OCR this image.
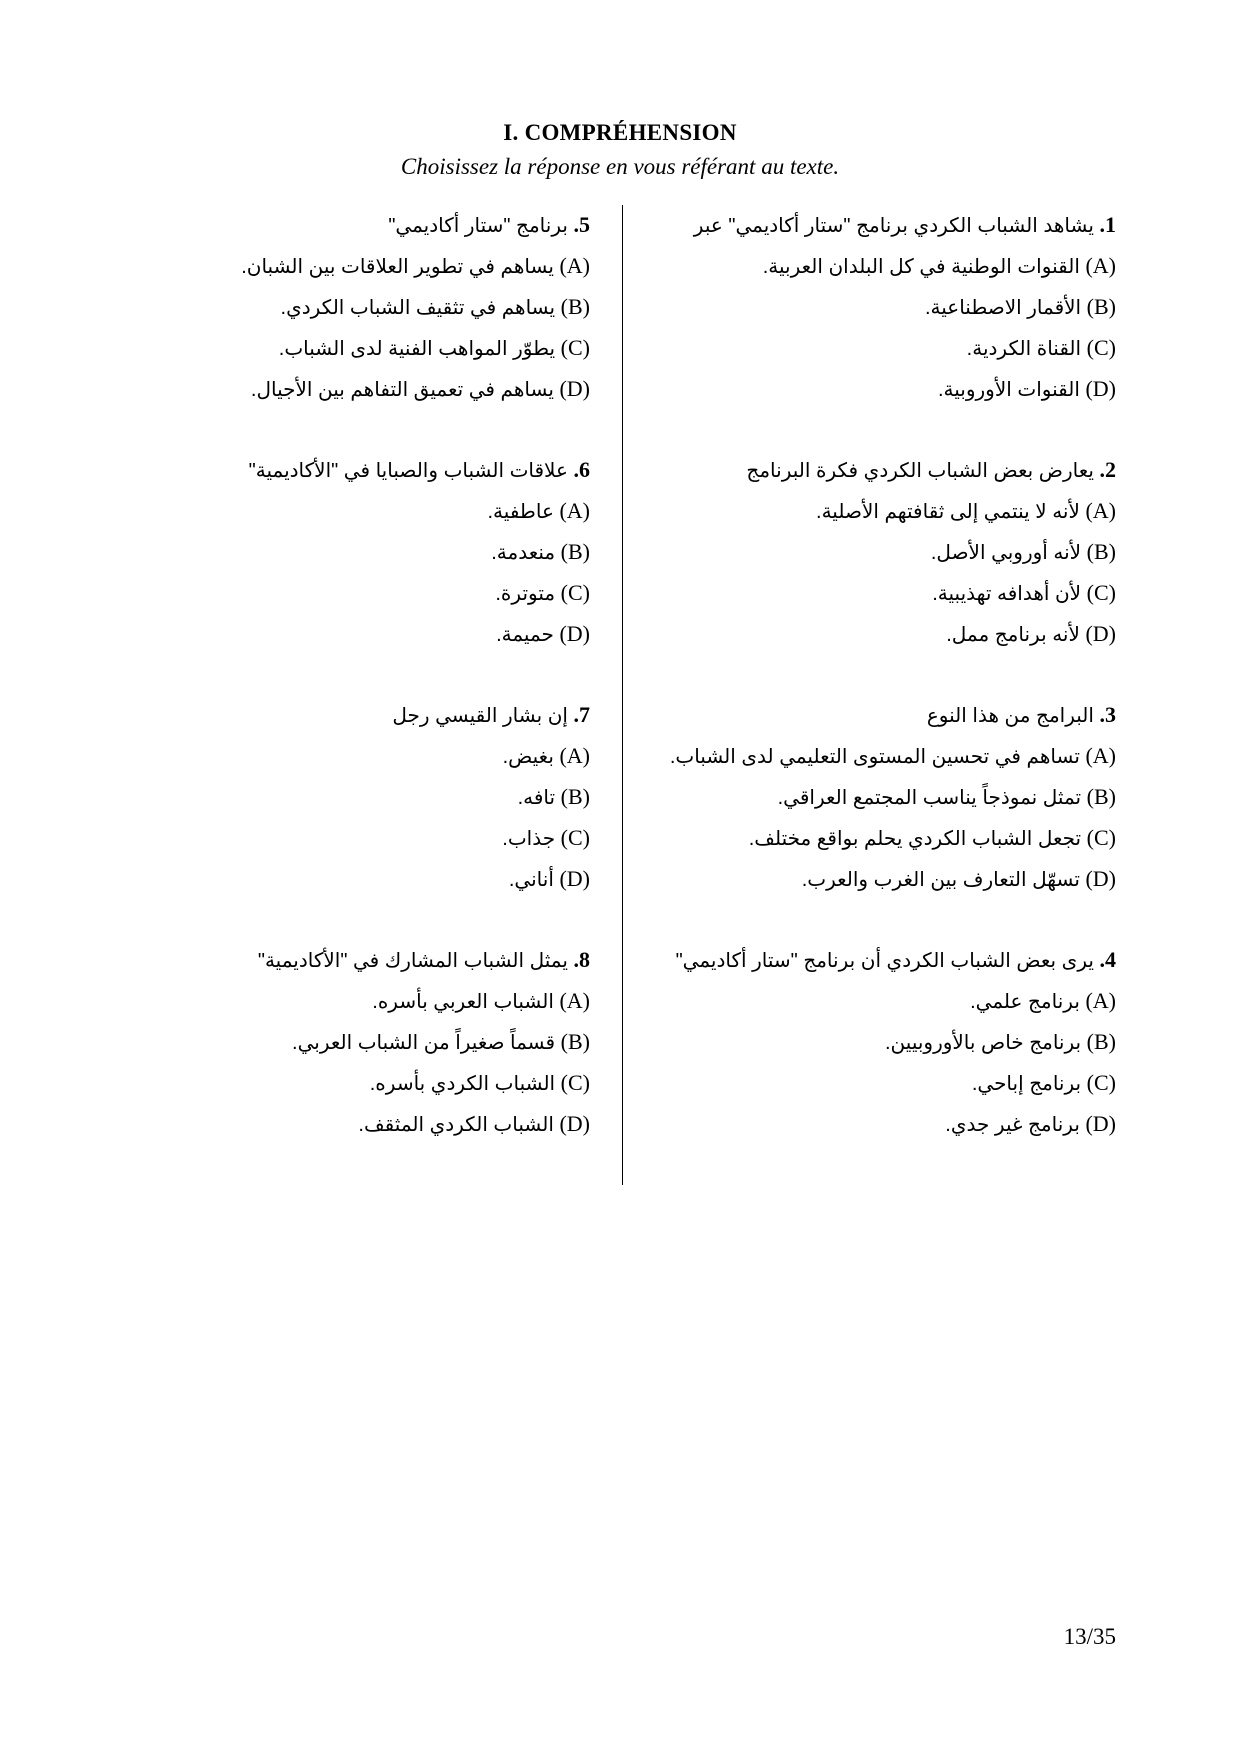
I. COMPRÉHENSION
Choisissez la réponse en vous référant au texte.
1. يشاهد الشباب الكردي برنامج "ستار أكاديمي" عبر
(A) القنوات الوطنية في كل البلدان العربية.
(B) الأقمار الاصطناعية.
(C) القناة الكردية.
(D) القنوات الأوروبية.
2. يعارض بعض الشباب الكردي فكرة البرنامج
(A) لأنه لا ينتمي إلى ثقافتهم الأصلية.
(B) لأنه أوروبي الأصل.
(C) لأن أهدافه تهذيبية.
(D) لأنه برنامج ممل.
3. البرامج من هذا النوع
(A) تساهم في تحسين المستوى التعليمي لدى الشباب.
(B) تمثل نموذجاً يناسب المجتمع العراقي.
(C) تجعل الشباب الكردي يحلم بواقع مختلف.
(D) تسهّل التعارف بين الغرب والعرب.
4. يرى بعض الشباب الكردي أن برنامج "ستار أكاديمي"
(A) برنامج علمي.
(B) برنامج خاص بالأوروبيين.
(C) برنامج إباحي.
(D) برنامج غير جدي.
5. برنامج "ستار أكاديمي"
(A) يساهم في تطوير العلاقات بين الشبان.
(B) يساهم في تثقيف الشباب الكردي.
(C) يطوّر المواهب الفنية لدى الشباب.
(D) يساهم في تعميق التفاهم بين الأجيال.
6. علاقات الشباب والصبايا في "الأكاديمية"
(A) عاطفية.
(B) منعدمة.
(C) متوترة.
(D) حميمة.
7. إن بشار القيسي رجل
(A) بغيض.
(B) تافه.
(C) جذاب.
(D) أناني.
8. يمثل الشباب المشارك في "الأكاديمية"
(A) الشباب العربي بأسره.
(B) قسماً صغيراً من الشباب العربي.
(C) الشباب الكردي بأسره.
(D) الشباب الكردي المثقف.
13/35
